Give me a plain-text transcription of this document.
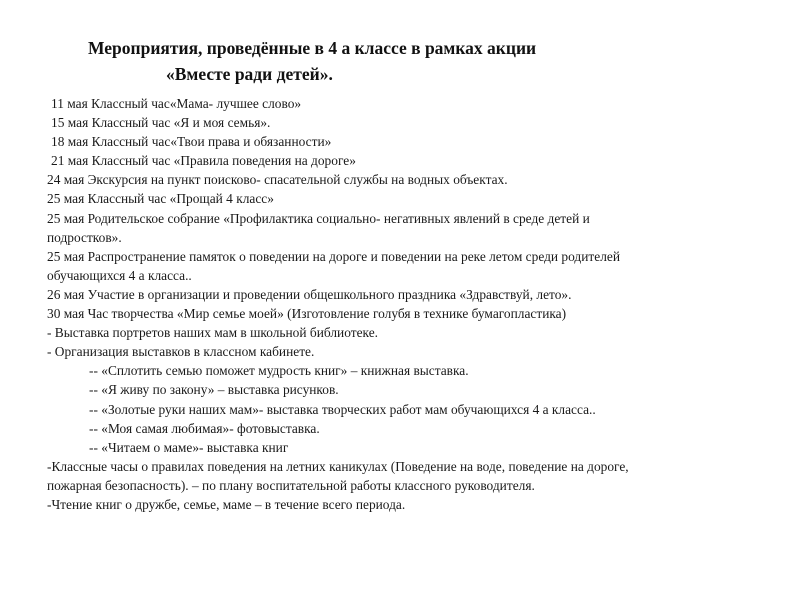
Мероприятия, проведённые в 4 а классе в рамках акции
«Вместе ради детей».
11 мая Классный час«Мама- лучшее слово»
15 мая Классный час «Я и моя семья».
18 мая Классный час«Твои права и обязанности»
21 мая Классный час «Правила поведения на дороге»
24 мая Экскурсия на пункт поисково- спасательной службы на водных объектах.
25 мая Классный час «Прощай 4 класс»
25 мая Родительское собрание «Профилактика социально- негативных явлений в среде детей и
подростков».
25 мая Распространение памяток о поведении на дороге и поведении на реке летом среди родителей
обучающихся 4 а класса..
26 мая Участие в организации и проведении общешкольного праздника «Здравствуй, лето».
30 мая Час творчества «Мир семье моей» (Изготовление голубя в технике бумагопластика)
- Выставка портретов наших мам в школьной библиотеке.
- Организация выставков в классном кабинете.
-- «Сплотить семью поможет мудрость книг» – книжная выставка.
-- «Я живу по закону» – выставка рисунков.
-- «Золотые руки наших мам»- выставка творческих работ мам обучающихся 4 а класса..
-- «Моя самая любимая»- фотовыставка.
-- «Читаем о маме»- выставка книг
-Классные часы о правилах поведения на летних каникулах (Поведение на воде, поведение на дороге,
пожарная безопасность). – по плану воспитательной работы классного руководителя.
-Чтение книг о дружбе, семье, маме – в течение всего периода.
